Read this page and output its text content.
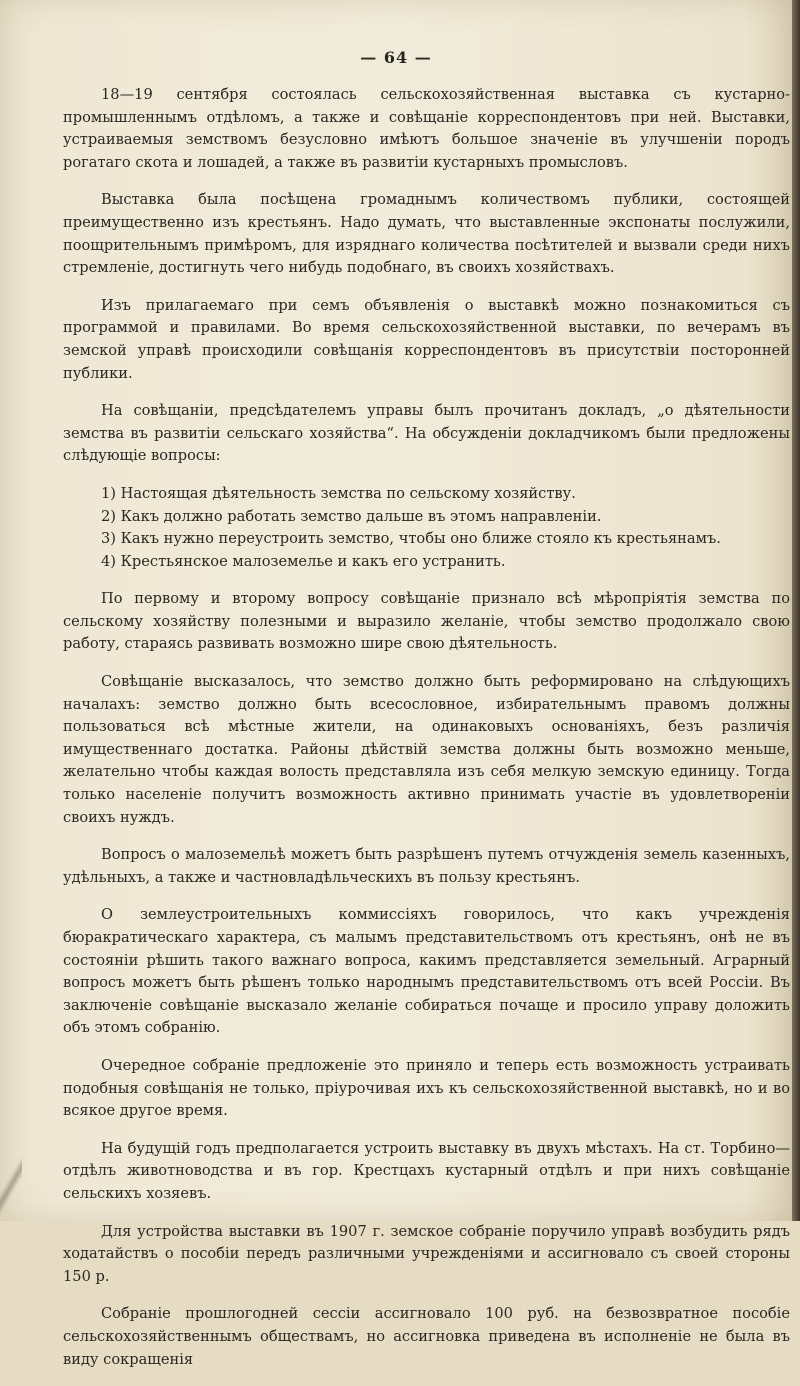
— 64 —

18—19 сентября состоялась сельскохозяйственная выставка съ кустарно-промышленнымъ отдѣломъ, а также и совѣщаніе корреспондентовъ при ней. Выставки, устраиваемыя земствомъ безусловно имѣютъ большое значеніе въ улучшеніи породъ рогатаго скота и лошадей, а также въ развитіи кустарныхъ промысловъ.

Выставка была посѣщена громаднымъ количествомъ публики, состоящей преимущественно изъ крестьянъ. Надо думать, что выставленные экспонаты послужили, поощрительнымъ примѣромъ, для изряднаго количества посѣтителей и вызвали среди нихъ стремленіе, достигнуть чего нибудь подобнаго, въ своихъ хозяйствахъ.

Изъ прилагаемаго при семъ объявленія о выставкѣ можно познакомиться съ программой и правилами. Во время сельскохозяйственной выставки, по вечерамъ въ земской управѣ происходили совѣщанія корреспондентовъ въ присутствіи посторонней публики.

На совѣщаніи, предсѣдателемъ управы былъ прочитанъ докладъ, „о дѣятельности земства въ развитіи сельскаго хозяйства“. На обсужденіи докладчикомъ были предложены слѣдующіе вопросы:

1) Настоящая дѣятельность земства по сельскому хозяйству.
2) Какъ должно работать земство дальше въ этомъ направленіи.
3) Какъ нужно переустроить земство, чтобы оно ближе стояло къ крестьянамъ.
4) Крестьянское малоземелье и какъ его устранить.

По первому и второму вопросу совѣщаніе признало всѣ мѣропріятія земства по сельскому хозяйству полезными и выразило желаніе, чтобы земство продолжало свою работу, стараясь развивать возможно шире свою дѣятельность.

Совѣщаніе высказалось, что земство должно быть реформировано на слѣдующихъ началахъ: земство должно быть всесословное, избирательнымъ правомъ должны пользоваться всѣ мѣстные жители, на одинаковыхъ основаніяхъ, безъ различія имущественнаго достатка. Районы дѣйствій земства должны быть возможно меньше, желательно чтобы каждая волость представляла изъ себя мелкую земскую единицу. Тогда только населеніе получитъ возможность активно принимать участіе въ удовлетвореніи своихъ нуждъ.

Вопросъ о малоземельѣ можетъ быть разрѣшенъ путемъ отчужденія земель казенныхъ, удѣльныхъ, а также и частновладѣльческихъ въ пользу крестьянъ.

О землеустроительныхъ коммиссіяхъ говорилось, что какъ учрежденія бюракратическаго характера, съ малымъ представительствомъ отъ крестьянъ, онѣ не въ состояніи рѣшить такого важнаго вопроса, какимъ представляется земельный. Аграрный вопросъ можетъ быть рѣшенъ только народнымъ представительствомъ отъ всей Россіи. Въ заключеніе совѣщаніе высказало желаніе собираться почаще и просило управу доложить объ этомъ собранію.

Очередное собраніе предложеніе это приняло и теперь есть возможность устраивать подобныя совѣщанія не только, пріурочивая ихъ къ сельскохозяйственной выставкѣ, но и во всякое другое время.

На будущій годъ предполагается устроить выставку въ двухъ мѣстахъ. На ст. Торбино— отдѣлъ животноводства и въ гор. Крестцахъ кустарный отдѣлъ и при нихъ совѣщаніе сельскихъ хозяевъ.

Для устройства выставки въ 1907 г. земское собраніе поручило управѣ возбудить рядъ ходатайствъ о пособіи передъ различными учрежденіями и ассигновало съ своей стороны 150 р.

Собраніе прошлогодней сессіи ассигновало 100 руб. на безвозвратное пособіе сельскохозяйственнымъ обществамъ, но ассигновка приведена въ исполненіе не была въ виду сокращенія
